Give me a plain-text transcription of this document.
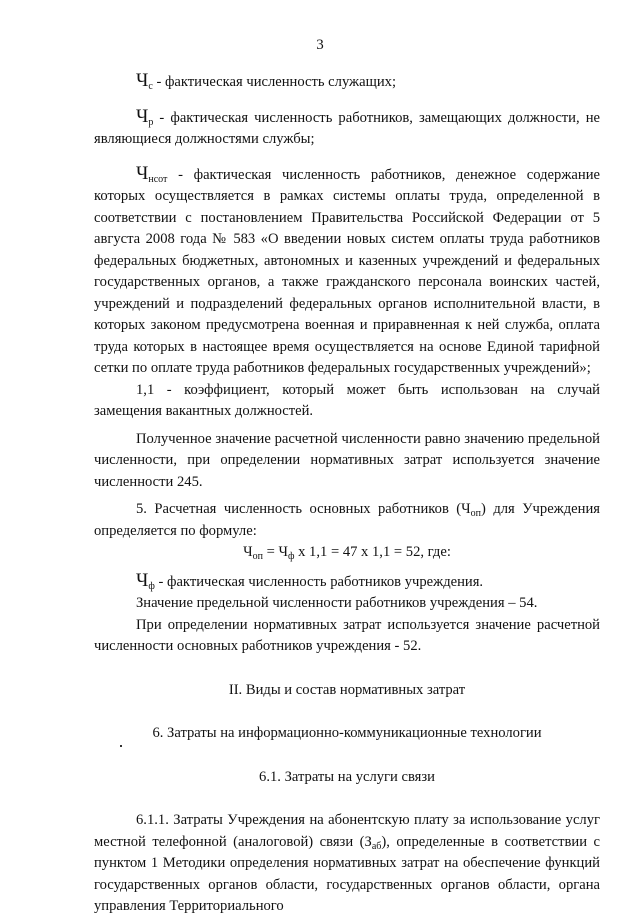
3

$Ч_с$ - фактическая численность служащих;

$Ч_р$ - фактическая численность работников, замещающих должности, не являющиеся должностями службы;

$Ч_{нсот}$ - фактическая численность работников, денежное содержание которых осуществляется в рамках системы оплаты труда, определенной в соответствии с постановлением Правительства Российской Федерации от 5 августа 2008 года № 583 «О введении новых систем оплаты труда работников федеральных бюджетных, автономных и казенных учреждений и федеральных государственных органов, а также гражданского персонала воинских частей, учреждений и подразделений федеральных органов исполнительной власти, в которых законом предусмотрена военная и приравненная к ней служба, оплата труда которых в настоящее время осуществляется на основе Единой тарифной сетки по оплате труда работников федеральных государственных учреждений»;

1,1 - коэффициент, который может быть использован на случай замещения вакантных должностей.

Полученное значение расчетной численности равно значению предельной численности, при определении нормативных затрат используется значение численности 245.

5. Расчетная численность основных работников $(Ч_{оп})$ для Учреждения определяется по формуле:

$Ч_{оп} = Ч_ф$ x 1,1 = 47 x 1,1 = 52, где:

$Ч_ф$ - фактическая численность работников учреждения.

Значение предельной численности работников учреждения – 54.

При определении нормативных затрат используется значение расчетной численности основных работников учреждения - 52.

II. Виды и состав нормативных затрат

6. Затраты на информационно-коммуникационные технологии

6.1. Затраты на услуги связи

6.1.1. Затраты Учреждения на абонентскую плату за использование услуг местной телефонной (аналоговой) связи $(З_{аб})$, определенные в соответствии с пунктом 1 Методики определения нормативных затрат на обеспечение функций государственных органов области, государственных органов области, органа управления Территориального
